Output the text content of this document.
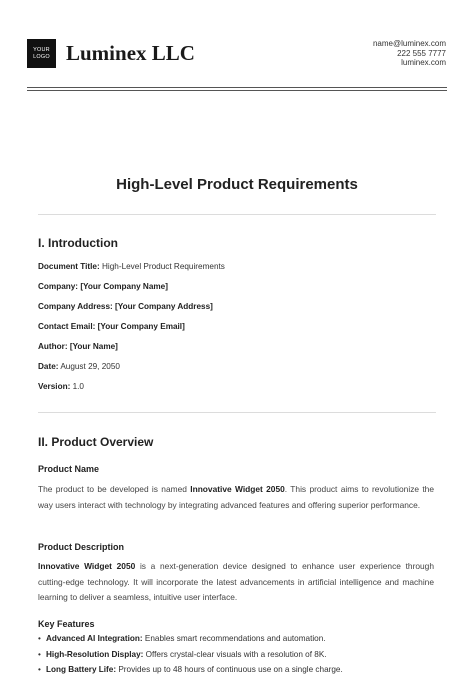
YOUR
LOGO Luminex LLC	name@luminex.com
222 555 7777
luminex.com
High-Level Product Requirements
I. Introduction
Document Title: High-Level Product Requirements
Company: [Your Company Name]
Company Address: [Your Company Address]
Contact Email: [Your Company Email]
Author: [Your Name]
Date: August 29, 2050
Version: 1.0
II. Product Overview
Product Name
The product to be developed is named Innovative Widget 2050. This product aims to revolutionize the way users interact with technology by integrating advanced features and offering superior performance.
Product Description
Innovative Widget 2050 is a next-generation device designed to enhance user experience through cutting-edge technology. It will incorporate the latest advancements in artificial intelligence and machine learning to deliver a seamless, intuitive user interface.
Key Features
• Advanced AI Integration: Enables smart recommendations and automation.
• High-Resolution Display: Offers crystal-clear visuals with a resolution of 8K.
• Long Battery Life: Provides up to 48 hours of continuous use on a single charge.
